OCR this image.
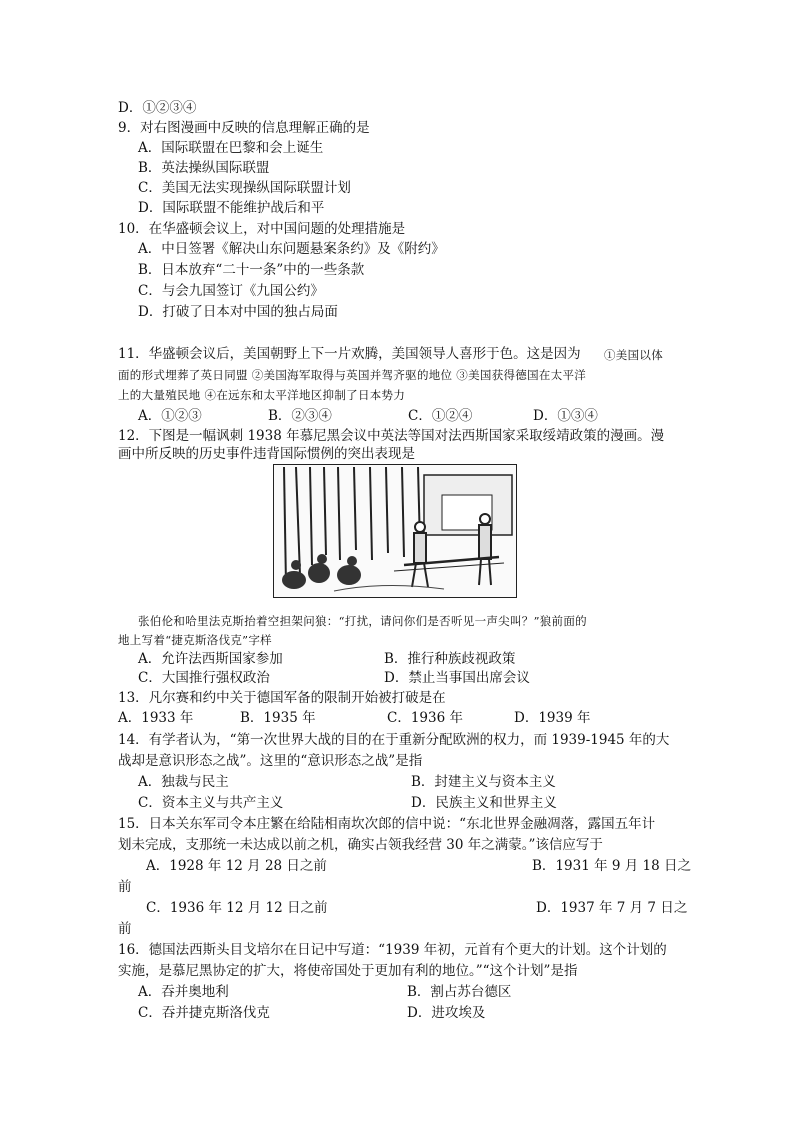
D．①②③④
9．对右图漫画中反映的信息理解正确的是
A．国际联盟在巴黎和会上诞生
B．英法操纵国际联盟
C．美国无法实现操纵国际联盟计划
D．国际联盟不能维护战后和平
10．在华盛顿会议上，对中国问题的处理措施是
A．中日签署《解决山东问题悬案条约》及《附约》
B．日本放弃“二十一条”中的一些条款
C．与会九国签订《九国公约》
D．打破了日本对中国的独占局面
11．华盛顿会议后，美国朝野上下一片欢腾，美国领导人喜形于色。这是因为 ①美国以体
面的形式埋葬了英日同盟 ②美国海军取得与英国并驾齐驱的地位 ③美国获得德国在太平洋
上的大量殖民地 ④在远东和太平洋地区抑制了日本势力
A．①②③	B．②③④	C．①②④	D．①③④
12．下图是一幅讽刺 1938 年慕尼黑会议中英法等国对法西斯国家采取绥靖政策的漫画。漫
画中所反映的历史事件违背国际惯例的突出表现是
张伯伦和哈里法克斯抬着空担架问狼：“打扰，请问你们是否听见一声尖叫？”狼前面的
地上写着“捷克斯洛伐克”字样
A．允许法西斯国家参加	B．推行种族歧视政策
C．大国推行强权政治	D．禁止当事国出席会议
13．凡尔赛和约中关于德国军备的限制开始被打破是在
A．1933 年	B．1935 年	C．1936 年	D．1939 年
14．有学者认为，“第一次世界大战的目的在于重新分配欧洲的权力，而 1939-1945 年的大
战却是意识形态之战”。这里的“意识形态之战”是指
A．独裁与民主	B．封建主义与资本主义
C．资本主义与共产主义	D．民族主义和世界主义
15．日本关东军司令本庄繁在给陆相南坎次郎的信中说：“东北世界金融凋落，露国五年计
划未完成，支那统一未达成以前之机，确实占领我经营 30 年之满蒙。”该信应写于
A．1928 年 12 月 28 日之前	B．1931 年 9 月 18 日之
前
C．1936 年 12 月 12 日之前	D．1937 年 7 月 7 日之
前
16．德国法西斯头目戈培尔在日记中写道：“1939 年初，元首有个更大的计划。这个计划的
实施，是慕尼黑协定的扩大，将使帝国处于更加有利的地位。”“这个计划”是指
A．吞并奥地利	B．割占苏台德区
C．吞并捷克斯洛伐克	D．进攻埃及
